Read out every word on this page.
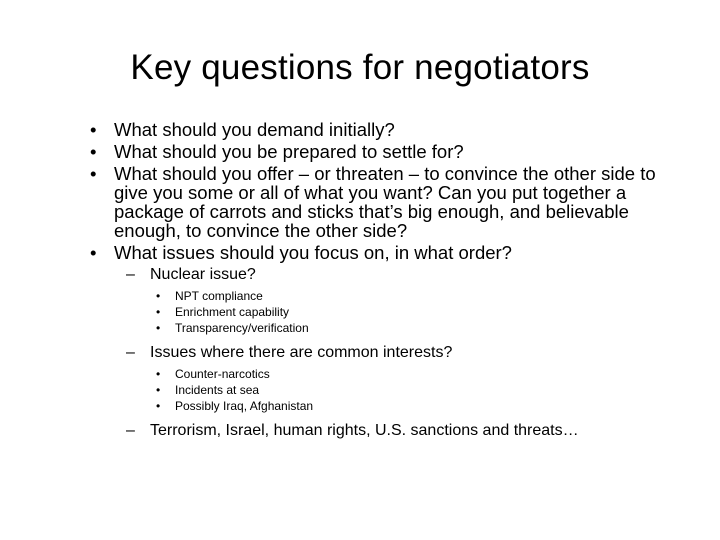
Key questions for negotiators
• What should you demand initially?
• What should you be prepared to settle for?
• What should you offer – or threaten – to convince the other side to give you some or all of what you want? Can you put together a package of carrots and sticks that’s big enough, and believable enough, to convince the other side?
• What issues should you focus on, in what order?
– Nuclear issue?
• NPT compliance
• Enrichment capability
• Transparency/verification
– Issues where there are common interests?
• Counter-narcotics
• Incidents at sea
• Possibly Iraq, Afghanistan
– Terrorism, Israel, human rights, U.S. sanctions and threats…
